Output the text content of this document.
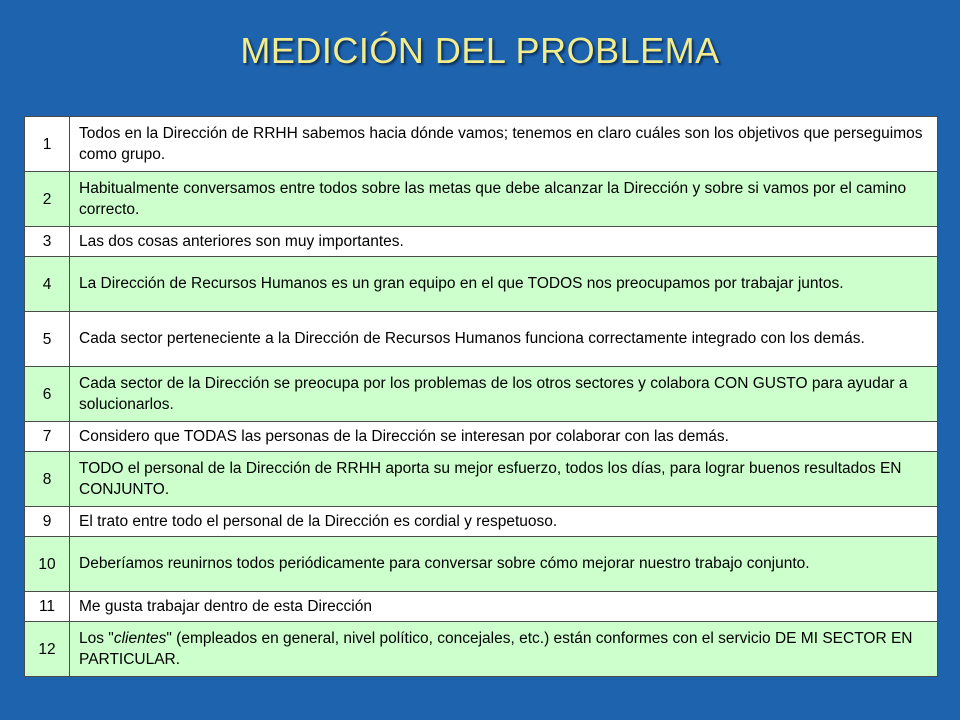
MEDICIÓN DEL PROBLEMA
1	Todos en la Dirección de RRHH sabemos hacia dónde vamos; tenemos en claro cuáles son los objetivos que perseguimos como grupo.
2	Habitualmente conversamos entre todos sobre las metas que debe alcanzar la Dirección y sobre si vamos por el camino correcto.
3	Las dos cosas anteriores son muy importantes.
4	La Dirección de Recursos Humanos es un gran equipo en el que TODOS nos preocupamos por trabajar juntos.
5	Cada sector perteneciente a la Dirección de Recursos Humanos funciona correctamente integrado con los demás.
6	Cada sector de la Dirección se preocupa por los problemas de los otros sectores y colabora CON GUSTO para ayudar a solucionarlos.
7	Considero que TODAS las personas de la Dirección se interesan por colaborar con las demás.
8	TODO el personal de la Dirección de RRHH aporta su mejor esfuerzo, todos los días, para lograr buenos resultados EN CONJUNTO.
9	El trato entre todo el personal de la Dirección es cordial y respetuoso.
10	Deberíamos reunirnos todos periódicamente para conversar sobre cómo mejorar nuestro trabajo conjunto.
11	Me gusta trabajar dentro de esta Dirección
12	Los "clientes" (empleados en general, nivel político, concejales, etc.) están conformes con el servicio DE MI SECTOR EN PARTICULAR.
